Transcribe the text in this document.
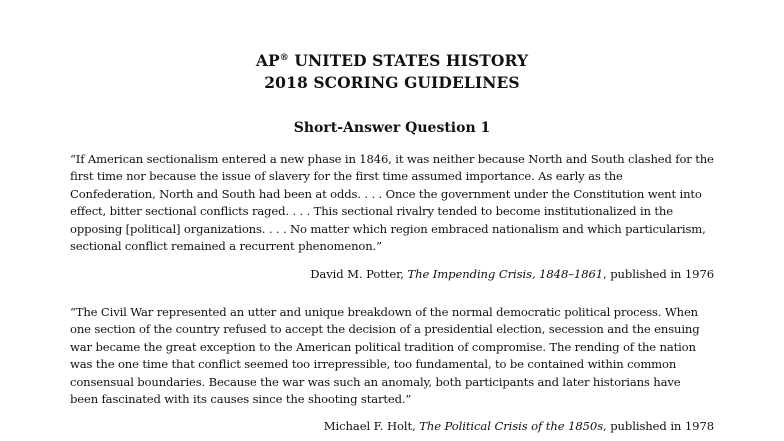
AP® UNITED STATES HISTORY
2018 SCORING GUIDELINES
Short-Answer Question 1
“If American sectionalism entered a new phase in 1846, it was neither because North and South clashed for the
first time nor because the issue of slavery for the first time assumed importance. As early as the
Confederation, North and South had been at odds. . . . Once the government under the Constitution went into
effect, bitter sectional conflicts raged. . . . This sectional rivalry tended to become institutionalized in the
opposing [political] organizations. . . . No matter which region embraced nationalism and which particularism,
sectional conflict remained a recurrent phenomenon.”
David M. Potter, The Impending Crisis, 1848–1861, published in 1976
“The Civil War represented an utter and unique breakdown of the normal democratic political process. When
one section of the country refused to accept the decision of a presidential election, secession and the ensuing
war became the great exception to the American political tradition of compromise. The rending of the nation
was the one time that conflict seemed too irrepressible, too fundamental, to be contained within common
consensual boundaries. Because the war was such an anomaly, both participants and later historians have
been fascinated with its causes since the shooting started.”
Michael F. Holt, The Political Crisis of the 1850s, published in 1978
